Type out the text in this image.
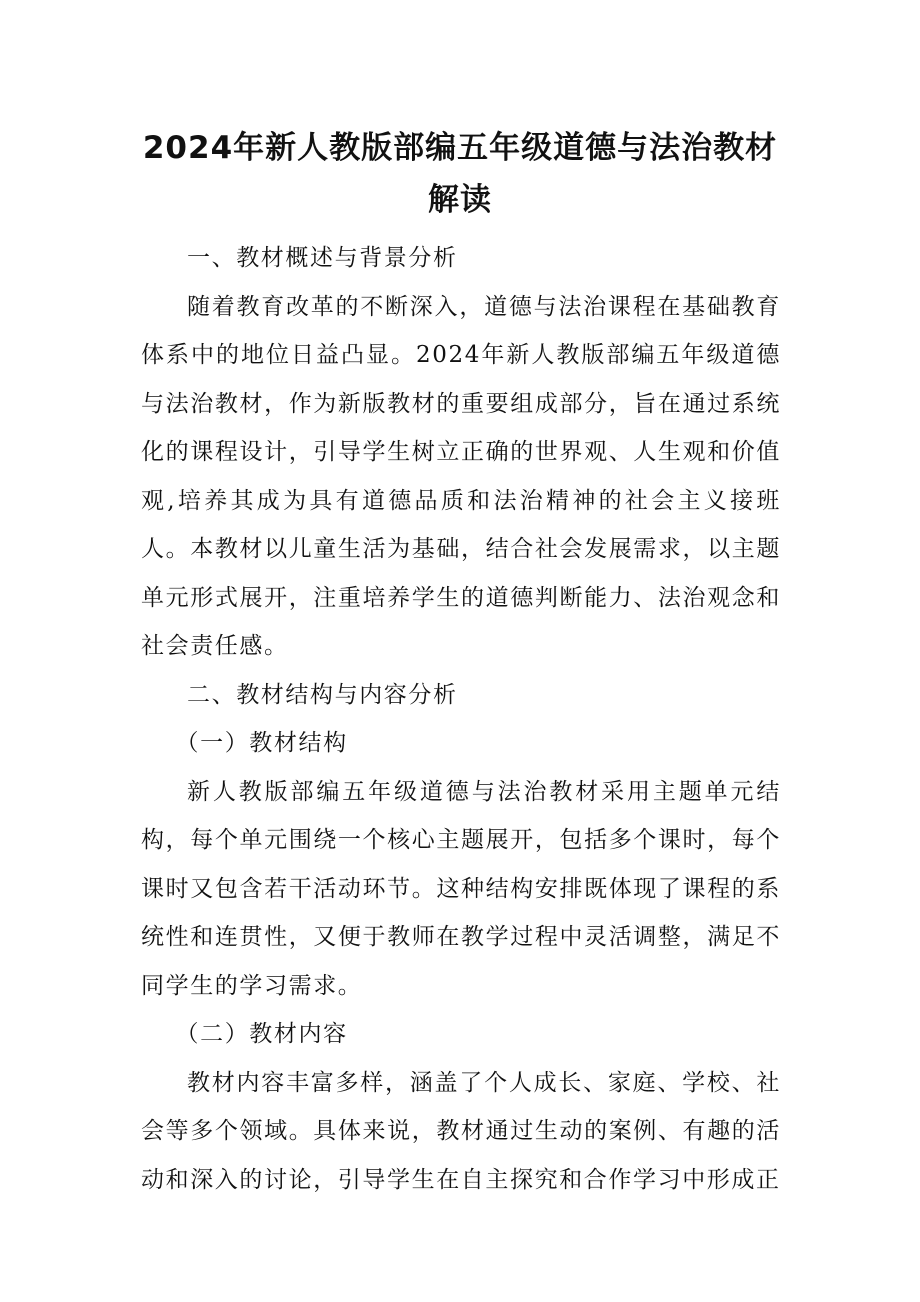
2024年新人教版部编五年级道德与法治教材解读

一、教材概述与背景分析

随着教育改革的不断深入，道德与法治课程在基础教育体系中的地位日益凸显。2024年新人教版部编五年级道德与法治教材，作为新版教材的重要组成部分，旨在通过系统化的课程设计，引导学生树立正确的世界观、人生观和价值观,培养其成为具有道德品质和法治精神的社会主义接班人。本教材以儿童生活为基础，结合社会发展需求，以主题单元形式展开，注重培养学生的道德判断能力、法治观念和社会责任感。

二、教材结构与内容分析

（一）教材结构

新人教版部编五年级道德与法治教材采用主题单元结构，每个单元围绕一个核心主题展开，包括多个课时，每个课时又包含若干活动环节。这种结构安排既体现了课程的系统性和连贯性，又便于教师在教学过程中灵活调整，满足不同学生的学习需求。

（二）教材内容

教材内容丰富多样，涵盖了个人成长、家庭、学校、社会等多个领域。具体来说，教材通过生动的案例、有趣的活动和深入的讨论，引导学生在自主探究和合作学习中形成正
